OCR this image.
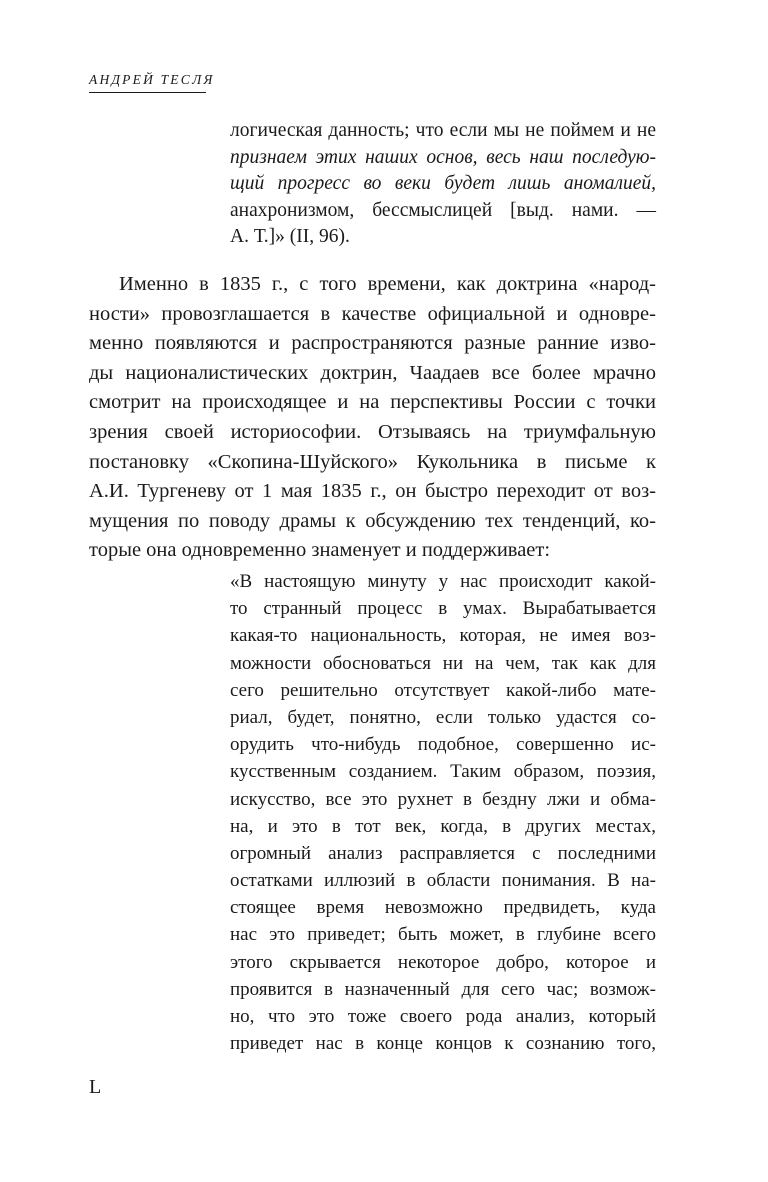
АНДРЕЙ ТЕСЛЯ
логическая данность; что если мы не поймем и не
признаем этих наших основ, весь наш последую-
щий прогресс во веки будет лишь аномалией,
анахронизмом, бессмыслицей [выд. нами. —
А. Т.]» (II, 96).
Именно в 1835 г., с того времени, как доктрина «народ-
ности» провозглашается в качестве официальной и одновре-
менно появляются и распространяются разные ранние изво-
ды националистических доктрин, Чаадаев все более мрачно
смотрит на происходящее и на перспективы России с точки
зрения своей историософии. Отзываясь на триумфальную
постановку «Скопина-Шуйского» Кукольника в письме к
А.И. Тургеневу от 1 мая 1835 г., он быстро переходит от воз-
мущения по поводу драмы к обсуждению тех тенденций, ко-
торые она одновременно знаменует и поддерживает:
«В настоящую минуту у нас происходит какой-
то странный процесс в умах. Вырабатывается
какая-то национальность, которая, не имея воз-
можности обосноваться ни на чем, так как для
сего решительно отсутствует какой-либо мате-
риал, будет, понятно, если только удастся со-
орудить что-нибудь подобное, совершенно ис-
кусственным созданием. Таким образом, поэзия,
искусство, все это рухнет в бездну лжи и обма-
на, и это в тот век, когда, в других местах,
огромный анализ расправляется с последними
остатками иллюзий в области понимания. В на-
стоящее время невозможно предвидеть, куда
нас это приведет; быть может, в глубине всего
этого скрывается некоторое добро, которое и
проявится в назначенный для сего час; возмож-
но, что это тоже своего рода анализ, который
приведет нас в конце концов к сознанию того,
L
